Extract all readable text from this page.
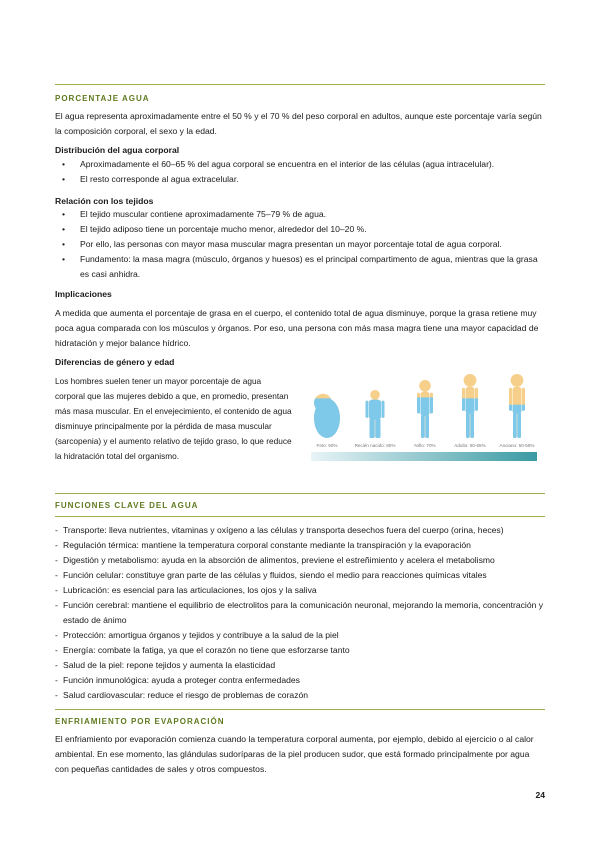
PORCENTAJE AGUA
El agua representa aproximadamente entre el 50 % y el 70 % del peso corporal en adultos, aunque este porcentaje varía según la composición corporal, el sexo y la edad.
Distribución del agua corporal
• Aproximadamente el 60–65 % del agua corporal se encuentra en el interior de las células (agua intracelular).
• El resto corresponde al agua extracelular.
Relación con los tejidos
• El tejido muscular contiene aproximadamente 75–79 % de agua.
• El tejido adiposo tiene un porcentaje mucho menor, alrededor del 10–20 %.
• Por ello, las personas con mayor masa muscular magra presentan un mayor porcentaje total de agua corporal.
• Fundamento: la masa magra (músculo, órganos y huesos) es el principal compartimento de agua, mientras que la grasa es casi anhidra.
Implicaciones
A medida que aumenta el porcentaje de grasa en el cuerpo, el contenido total de agua disminuye, porque la grasa retiene muy poca agua comparada con los músculos y órganos. Por eso, una persona con más masa magra tiene una mayor capacidad de hidratación y mejor balance hídrico.
Diferencias de género y edad
Los hombres suelen tener un mayor porcentaje de agua corporal que las mujeres debido a que, en promedio, presentan más masa muscular. En el envejecimiento, el contenido de agua disminuye principalmente por la pérdida de masa muscular (sarcopenia) y el aumento relativo de tejido graso, lo que reduce la hidratación total del organismo.
Feto: 90%	Recién nacido: 80%	Niño: 70%	Adulto: 60-65%	Anciano: 50-55%
FUNCIONES CLAVE DEL AGUA
- Transporte: lleva nutrientes, vitaminas y oxígeno a las células y transporta desechos fuera del cuerpo (orina, heces)
- Regulación térmica: mantiene la temperatura corporal constante mediante la transpiración y la evaporación
- Digestión y metabolismo: ayuda en la absorción de alimentos, previene el estreñimiento y acelera el metabolismo
- Función celular: constituye gran parte de las células y fluidos, siendo el medio para reacciones químicas vitales
- Lubricación: es esencial para las articulaciones, los ojos y la saliva
- Función cerebral: mantiene el equilibrio de electrolitos para la comunicación neuronal, mejorando la memoria, concentración y estado de ánimo
- Protección: amortigua órganos y tejidos y contribuye a la salud de la piel
- Energía: combate la fatiga, ya que el corazón no tiene que esforzarse tanto
- Salud de la piel: repone tejidos y aumenta la elasticidad
- Función inmunológica: ayuda a proteger contra enfermedades
- Salud cardiovascular: reduce el riesgo de problemas de corazón
ENFRIAMIENTO POR EVAPORACIÓN
El enfriamiento por evaporación comienza cuando la temperatura corporal aumenta, por ejemplo, debido al ejercicio o al calor ambiental. En ese momento, las glándulas sudoríparas de la piel producen sudor, que está formado principalmente por agua con pequeñas cantidades de sales y otros compuestos.
24
